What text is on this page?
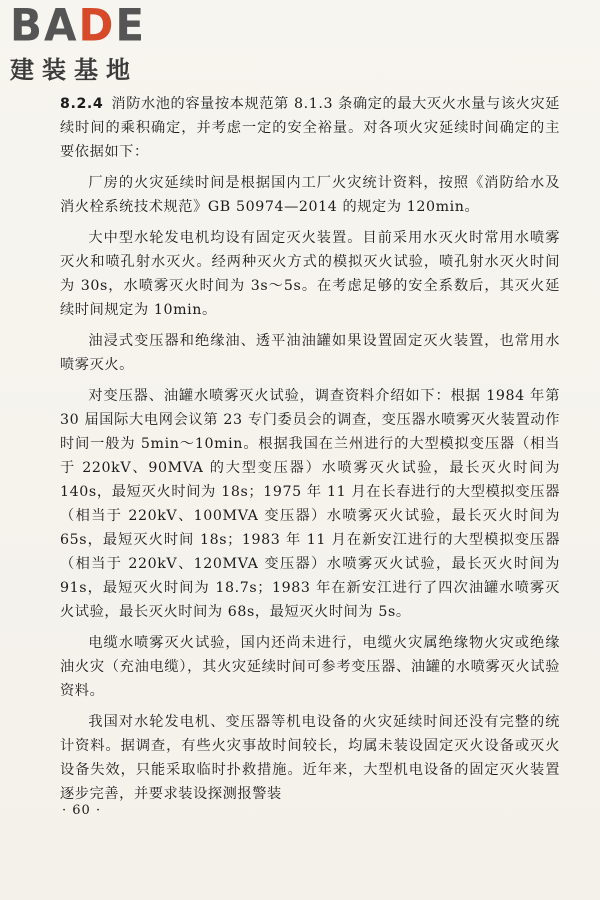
BADE
建装基地

8.2.4 消防水池的容量按本规范第 8.1.3 条确定的最大灭火水量与该火灾延续时间的乘积确定，并考虑一定的安全裕量。对各项火灾延续时间确定的主要依据如下：

厂房的火灾延续时间是根据国内工厂火灾统计资料，按照《消防给水及消火栓系统技术规范》GB 50974—2014 的规定为 120min。

大中型水轮发电机均设有固定灭火装置。目前采用水灭火时常用水喷雾灭火和喷孔射水灭火。经两种灭火方式的模拟灭火试验，喷孔射水灭火时间为 30s，水喷雾灭火时间为 3s～5s。在考虑足够的安全系数后，其灭火延续时间规定为 10min。

油浸式变压器和绝缘油、透平油油罐如果设置固定灭火装置，也常用水喷雾灭火。

对变压器、油罐水喷雾灭火试验，调查资料介绍如下：根据 1984 年第 30 届国际大电网会议第 23 专门委员会的调查，变压器水喷雾灭火装置动作时间一般为 5min～10min。根据我国在兰州进行的大型模拟变压器（相当于 220kV、90MVA 的大型变压器）水喷雾灭火试验，最长灭火时间为 140s，最短灭火时间为 18s；1975 年 11 月在长春进行的大型模拟变压器（相当于 220kV、100MVA 变压器）水喷雾灭火试验，最长灭火时间为 65s，最短灭火时间 18s；1983 年 11 月在新安江进行的大型模拟变压器（相当于 220kV、120MVA 变压器）水喷雾灭火试验，最长灭火时间为 91s，最短灭火时间为 18.7s；1983 年在新安江进行了四次油罐水喷雾灭火试验，最长灭火时间为 68s，最短灭火时间为 5s。

电缆水喷雾灭火试验，国内还尚未进行，电缆火灾属绝缘物火灾或绝缘油火灾（充油电缆），其火灾延续时间可参考变压器、油罐的水喷雾灭火试验资料。

我国对水轮发电机、变压器等机电设备的火灾延续时间还没有完整的统计资料。据调查，有些火灾事故时间较长，均属未装设固定灭火设备或灭火设备失效，只能采取临时扑救措施。近年来，大型机电设备的固定灭火装置逐步完善，并要求装设探测报警装

· 60 ·
